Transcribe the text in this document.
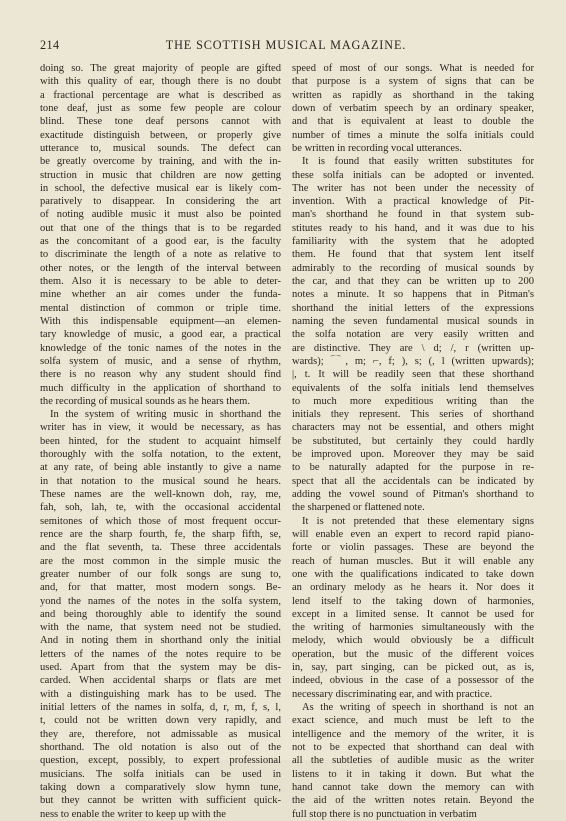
214	THE SCOTTISH MUSICAL MAGAZINE.
doing so. The great majority of people are gifted
with this quality of ear, though there is no doubt
a fractional percentage are what is described as
tone deaf, just as some few people are colour
blind. These tone deaf persons cannot with
exactitude distinguish between, or properly give
utterance to, musical sounds. The defect can
be greatly overcome by training, and with the in-
struction in music that children are now getting
in school, the defective musical ear is likely com-
paratively to disappear. In considering the art
of noting audible music it must also be pointed
out that one of the things that is to be regarded
as the concomitant of a good ear, is the faculty
to discriminate the length of a note as relative to
other notes, or the length of the interval between
them. Also it is necessary to be able to deter-
mine whether an air comes under the funda-
mental distinction of common or triple time.
With this indispensable equipment—an elemen-
tary knowledge of music, a good ear, a practical
knowledge of the tonic names of the notes in the
solfa system of music, and a sense of rhythm,
there is no reason why any student should find
much difficulty in the application of shorthand to
the recording of musical sounds as he hears them.
In the system of writing music in shorthand the
writer has in view, it would be necessary, as has
been hinted, for the student to acquaint himself
thoroughly with the solfa notation, to the extent,
at any rate, of being able instantly to give a name
in that notation to the musical sound he hears.
These names are the well-known doh, ray, me,
fah, soh, lah, te, with the occasional accidental
semitones of which those of most frequent occur-
rence are the sharp fourth, fe, the sharp fifth, se,
and the flat seventh, ta. These three accidentals
are the most common in the simple music the
greater number of our folk songs are sung to,
and, for that matter, most modern songs. Be-
yond the names of the notes in the solfa system,
and being thoroughly able to identify the sound
with the name, that system need not be studied.
And in noting them in shorthand only the initial
letters of the names of the notes require to be
used. Apart from that the system may be dis-
carded. When accidental sharps or flats are met
with a distinguishing mark has to be used. The
initial letters of the names in solfa, d, r, m, f, s, l,
t, could not be written down very rapidly, and
they are, therefore, not admissable as musical
shorthand. The old notation is also out of the
question, except, possibly, to expert professional
musicians. The solfa initials can be used in
taking down a comparatively slow hymn tune,
but they cannot be written with sufficient quick-
ness to enable the writer to keep up with the
speed of most of our songs. What is needed for
that purpose is a system of signs that can be
written as rapidly as shorthand in the taking
down of verbatim speech by an ordinary speaker,
and that is equivalent at least to double the
number of times a minute the solfa initials could
be written in recording vocal utterances.
It is found that easily written substitutes for
these solfa initials can be adopted or invented.
The writer has not been under the necessity of
invention. With a practical knowledge of Pit-
man's shorthand he found in that system sub-
stitutes ready to his hand, and it was due to his
familiarity with the system that he adopted
them. He found that that system lent itself
admirably to the recording of musical sounds by
the car, and that they can be written up to 200
notes a minute. It so happens that in Pitman's
shorthand the initial letters of the expressions
naming the seven fundamental musical sounds in
the solfa notation are very easily written and
are distinctive. They are \ d; /, r (written up-
wards); ⌒, m; ⌐, f; ), s; (, l (written upwards);
|, t. It will be readily seen that these shorthand
equivalents of the solfa initials lend themselves
to much more expeditious writing than the
initials they represent. This series of shorthand
characters may not be essential, and others might
be substituted, but certainly they could hardly
be improved upon. Moreover they may be said
to be naturally adapted for the purpose in re-
spect that all the accidentals can be indicated by
adding the vowel sound of Pitman's shorthand to
the sharpened or flattened note.
It is not pretended that these elementary signs
will enable even an expert to record rapid piano-
forte or violin passages. These are beyond the
reach of human muscles. But it will enable any
one with the qualifications indicated to take down
an ordinary melody as he hears it. Nor does it
lend itself to the taking down of harmonies,
except in a limited sense. It cannot be used for
the writing of harmonies simultaneously with the
melody, which would obviously be a difficult
operation, but the music of the different voices
in, say, part singing, can be picked out, as is,
indeed, obvious in the case of a possessor of the
necessary discriminating ear, and with practice.
As the writing of speech in shorthand is not an
exact science, and much must be left to the
intelligence and the memory of the writer, it is
not to be expected that shorthand can deal with
all the subtleties of audible music as the writer
listens to it in taking it down. But what the
hand cannot take down the memory can with
the aid of the written notes retain. Beyond the
full stop there is no punctuation in verbatim
